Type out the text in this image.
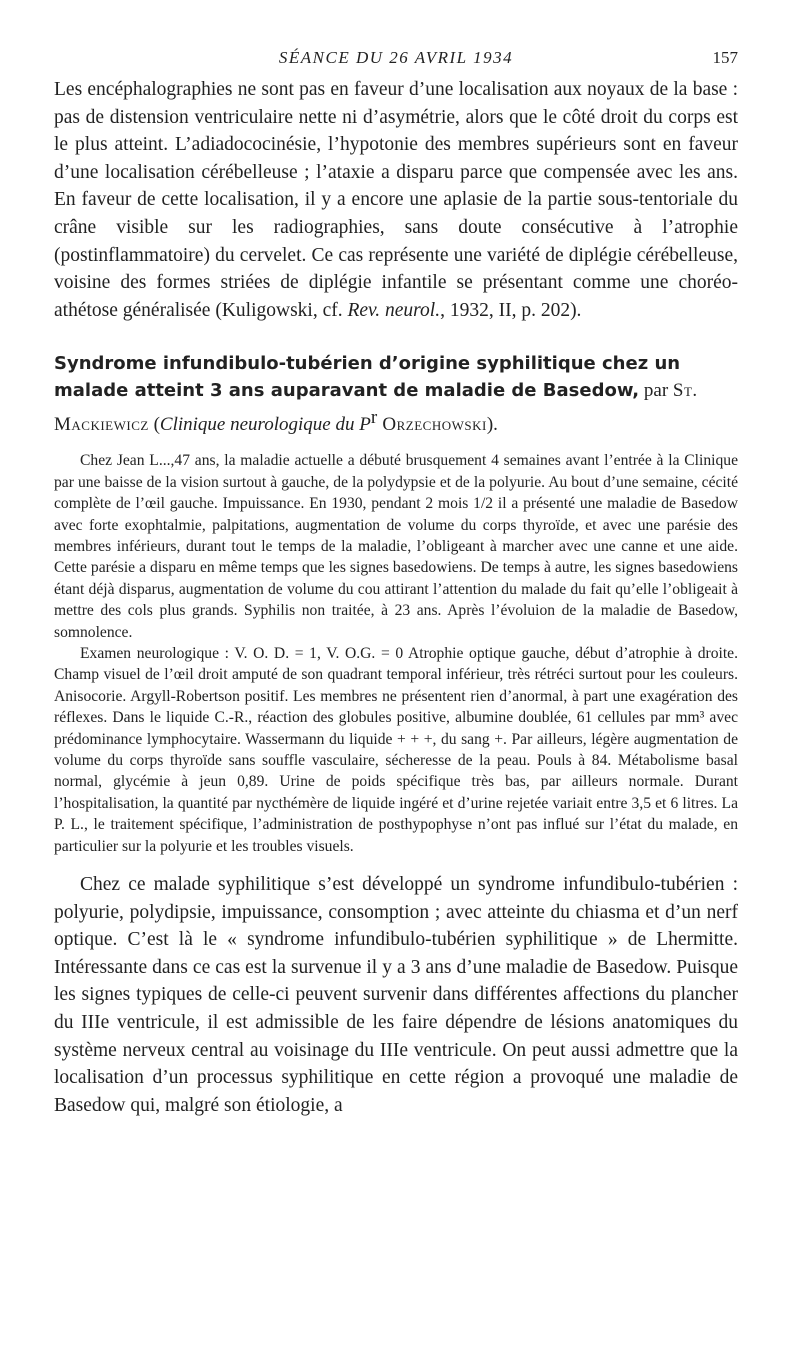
SÉANCE DU 26 AVRIL 1934	157

Les encéphalographies ne sont pas en faveur d’une localisation aux noyaux de la base : pas de distension ventriculaire nette ni d’asymétrie, alors que le côté droit du corps est le plus atteint. L’adiadococinésie, l’hypotonie des membres supérieurs sont en faveur d’une localisation cérébelleuse ; l’ataxie a disparu parce que compensée avec les ans. En faveur de cette localisation, il y a encore une aplasie de la partie sous-tentoriale du crâne visible sur les radiographies, sans doute consécutive à l’atrophie (postinflammatoire) du cervelet. Ce cas représente une variété de diplégie cérébelleuse, voisine des formes striées de diplégie infantile se présentant comme une choréo-athétose généralisée (Kuligowski, cf. Rev. neurol., 1932, II, p. 202).

Syndrome infundibulo-tubérien d’origine syphilitique chez un malade atteint 3 ans auparavant de maladie de Basedow, par St. Mackiewicz (Clinique neurologique du $P^r$ Orzechowski).

Chez Jean L...,47 ans, la maladie actuelle a débuté brusquement 4 semaines avant l’entrée à la Clinique par une baisse de la vision surtout à gauche, de la polydypsie et de la polyurie. Au bout d’une semaine, cécité complète de l’œil gauche. Impuissance. En 1930, pendant 2 mois 1/2 il a présenté une maladie de Basedow avec forte exophtalmie, palpitations, augmentation de volume du corps thyroïde, et avec une parésie des membres inférieurs, durant tout le temps de la maladie, l’obligeant à marcher avec une canne et une aide. Cette parésie a disparu en même temps que les signes basedowiens. De temps à autre, les signes basedowiens étant déjà disparus, augmentation de volume du cou attirant l’attention du malade du fait qu’elle l’obligeait à mettre des cols plus grands. Syphilis non traitée, à 23 ans. Après l’évoluion de la maladie de Basedow, somnolence.

Examen neurologique : V. O. D. = 1, V. O.G. = 0 Atrophie optique gauche, début d’atrophie à droite. Champ visuel de l’œil droit amputé de son quadrant temporal inférieur, très rétréci surtout pour les couleurs. Anisocorie. Argyll-Robertson positif. Les membres ne présentent rien d’anormal, à part une exagération des réflexes. Dans le liquide C.-R., réaction des globules positive, albumine doublée, 61 cellules par mm³ avec prédominance lymphocytaire. Wassermann du liquide + + +, du sang +. Par ailleurs, légère augmentation de volume du corps thyroïde sans souffle vasculaire, sécheresse de la peau. Pouls à 84. Métabolisme basal normal, glycémie à jeun 0,89. Urine de poids spécifique très bas, par ailleurs normale. Durant l’hospitalisation, la quantité par nycthémère de liquide ingéré et d’urine rejetée variait entre 3,5 et 6 litres. La P. L., le traitement spécifique, l’administration de posthypophyse n’ont pas influé sur l’état du malade, en particulier sur la polyurie et les troubles visuels.

Chez ce malade syphilitique s’est développé un syndrome infundibulo-tubérien : polyurie, polydipsie, impuissance, consomption ; avec atteinte du chiasma et d’un nerf optique. C’est là le « syndrome infundibulo-tubérien syphilitique » de Lhermitte. Intéressante dans ce cas est la survenue il y a 3 ans d’une maladie de Basedow. Puisque les signes typiques de celle-ci peuvent survenir dans différentes affections du plancher du IIIe ventricule, il est admissible de les faire dépendre de lésions anatomiques du système nerveux central au voisinage du IIIe ventricule. On peut aussi admettre que la localisation d’un processus syphilitique en cette région a provoqué une maladie de Basedow qui, malgré son étiologie, a
